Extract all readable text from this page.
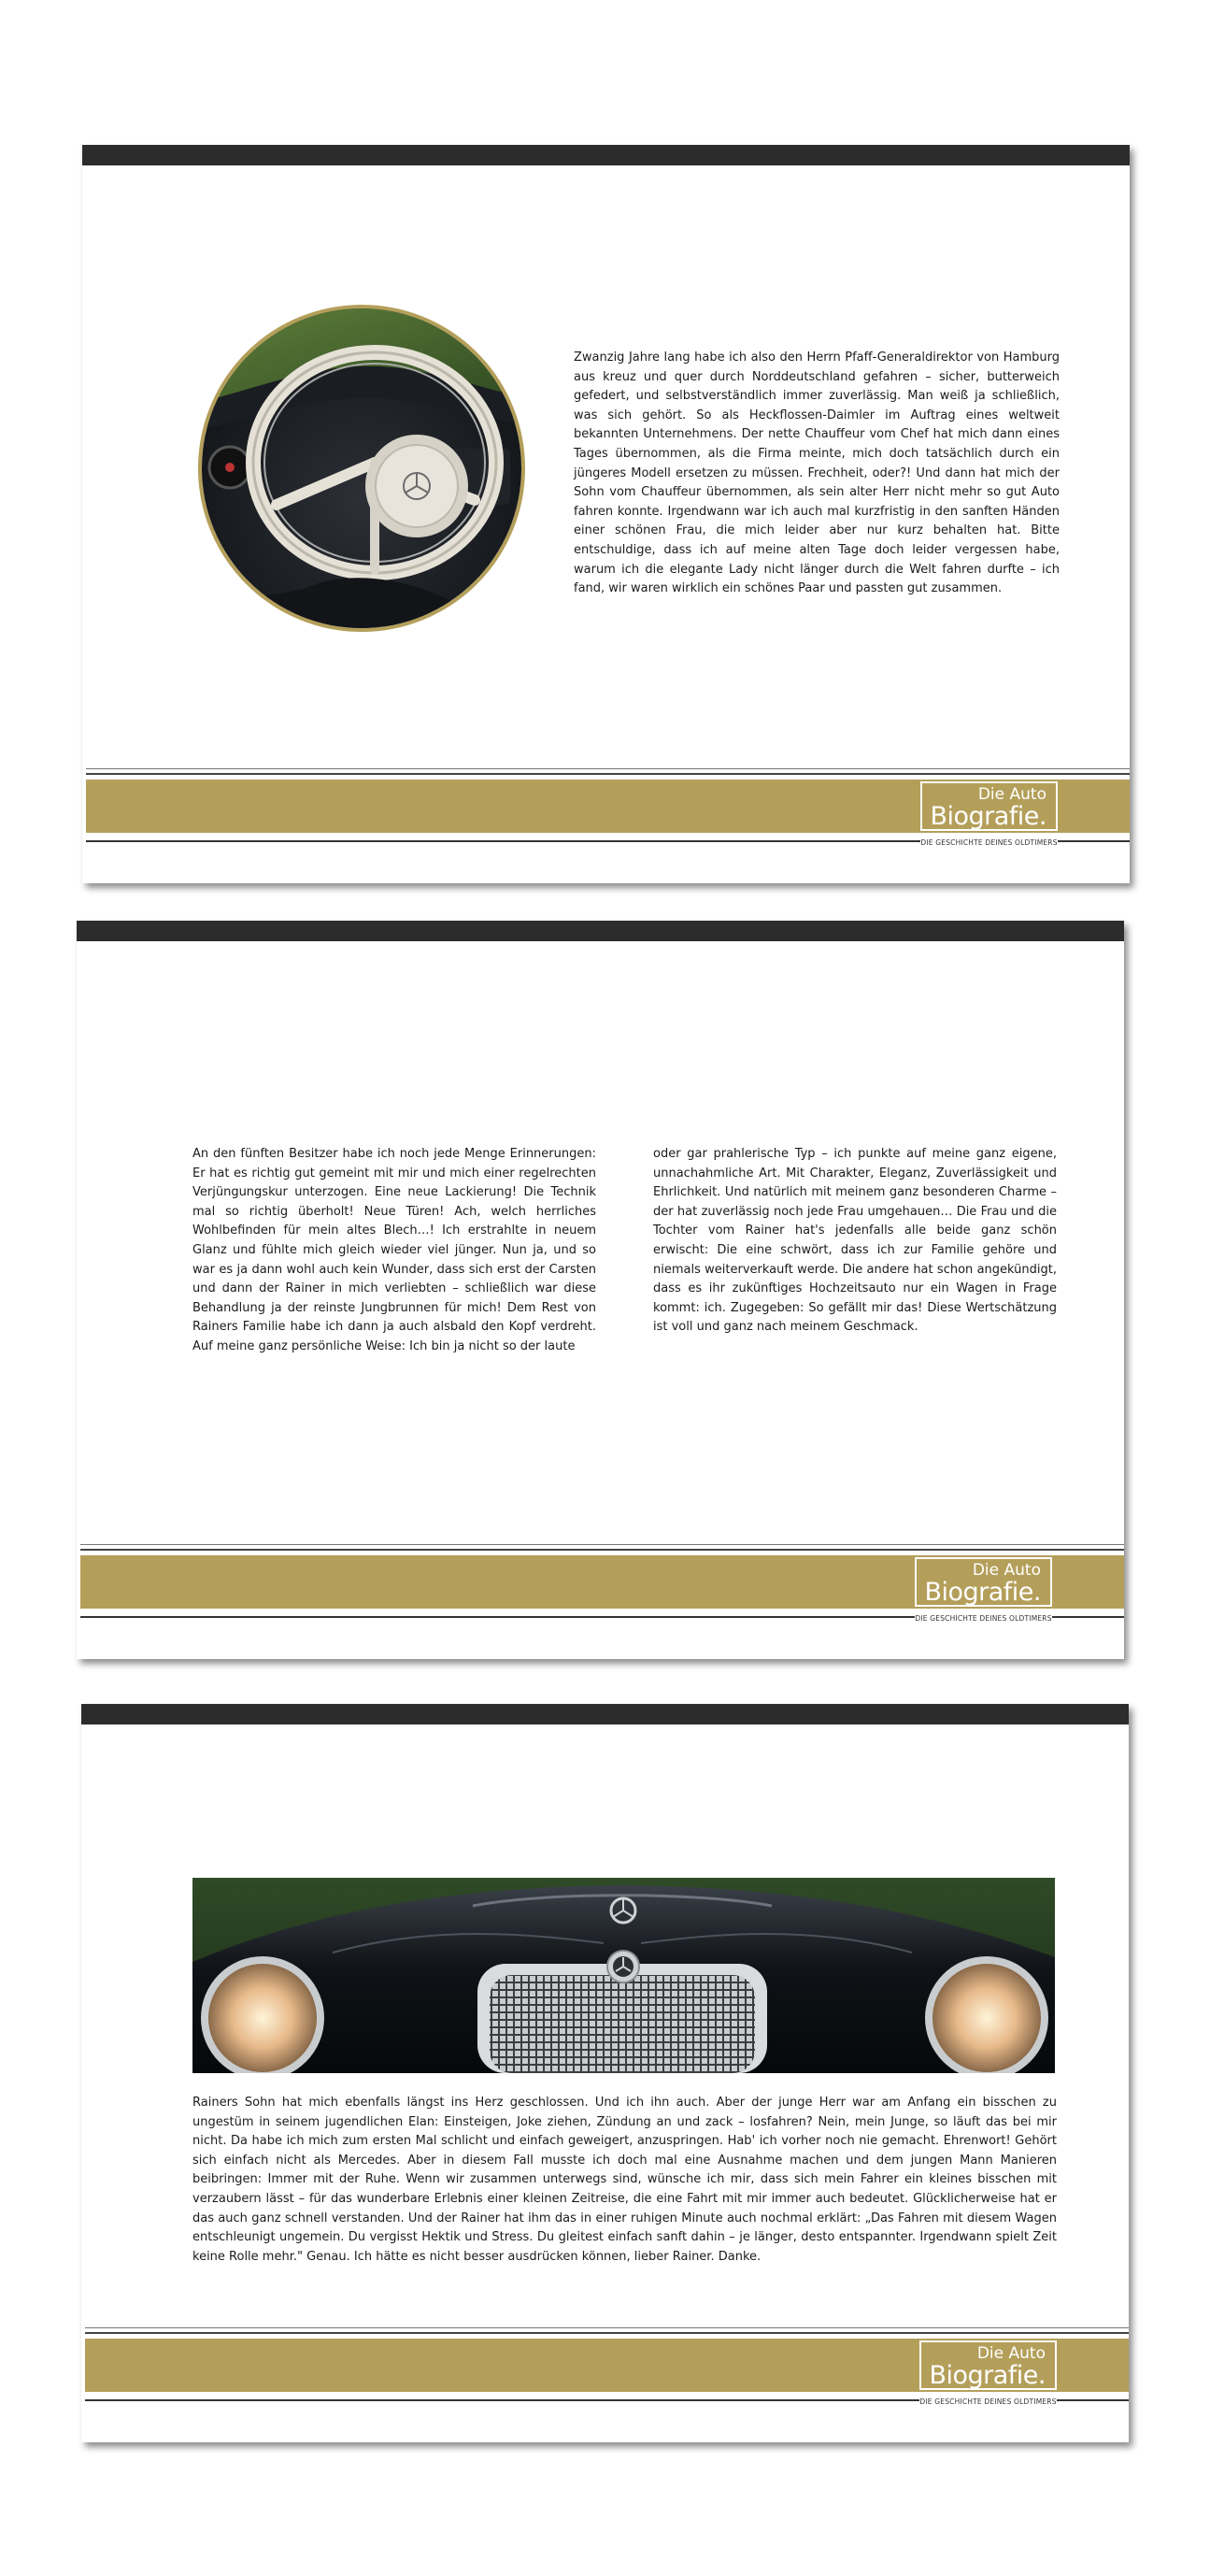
Zwanzig Jahre lang habe ich also den Herrn Pfaff-Generaldirektor von Hamburg aus kreuz und quer durch Norddeutschland gefahren – sicher, butterweich gefedert, und selbstverständlich immer zuverlässig. Man weiß ja schließlich, was sich gehört. So als Heckflossen-Daimler im Auftrag eines weltweit bekannten Unternehmens. Der nette Chauffeur vom Chef hat mich dann eines Tages übernommen, als die Firma meinte, mich doch tatsächlich durch ein jüngeres Modell ersetzen zu müssen. Frechheit, oder?! Und dann hat mich der Sohn vom Chauffeur übernommen, als sein alter Herr nicht mehr so gut Auto fahren konnte. Irgendwann war ich auch mal kurzfristig in den sanften Händen einer schönen Frau, die mich leider aber nur kurz behalten hat. Bitte entschuldige, dass ich auf meine alten Tage doch leider vergessen habe, warum ich die elegante Lady nicht länger durch die Welt fahren durfte – ich fand, wir waren wirklich ein schönes Paar und passten gut zusammen.

Die Auto
Biografie.
DIE GESCHICHTE DEINES OLDTIMERS

An den fünften Besitzer habe ich noch jede Menge Erinnerungen: Er hat es richtig gut gemeint mit mir und mich einer regelrechten Verjüngungskur unterzogen. Eine neue Lackierung! Die Technik mal so richtig überholt! Neue Türen! Ach, welch herrliches Wohlbefinden für mein altes Blech…! Ich erstrahlte in neuem Glanz und fühlte mich gleich wieder viel jünger. Nun ja, und so war es ja dann wohl auch kein Wunder, dass sich erst der Carsten und dann der Rainer in mich verliebten – schließlich war diese Behandlung ja der reinste Jungbrunnen für mich! Dem Rest von Rainers Familie habe ich dann ja auch alsbald den Kopf verdreht. Auf meine ganz persönliche Weise: Ich bin ja nicht so der laute

oder gar prahlerische Typ – ich punkte auf meine ganz eigene, unnachahmliche Art. Mit Charakter, Eleganz, Zuverlässigkeit und Ehrlichkeit. Und natürlich mit meinem ganz besonderen Charme – der hat zuverlässig noch jede Frau umgehauen… Die Frau und die Tochter vom Rainer hat's jedenfalls alle beide ganz schön erwischt: Die eine schwört, dass ich zur Familie gehöre und niemals weiterverkauft werde. Die andere hat schon angekündigt, dass es ihr zukünftiges Hochzeitsauto nur ein Wagen in Frage kommt: ich. Zugegeben: So gefällt mir das! Diese Wertschätzung ist voll und ganz nach meinem Geschmack.

Die Auto
Biografie.
DIE GESCHICHTE DEINES OLDTIMERS

Rainers Sohn hat mich ebenfalls längst ins Herz geschlossen. Und ich ihn auch. Aber der junge Herr war am Anfang ein bisschen zu ungestüm in seinem jugendlichen Elan: Einsteigen, Joke ziehen, Zündung an und zack – losfahren? Nein, mein Junge, so läuft das bei mir nicht. Da habe ich mich zum ersten Mal schlicht und einfach geweigert, anzuspringen. Hab' ich vorher noch nie gemacht. Ehrenwort! Gehört sich einfach nicht als Mercedes. Aber in diesem Fall musste ich doch mal eine Ausnahme machen und dem jungen Mann Manieren beibringen: Immer mit der Ruhe. Wenn wir zusammen unterwegs sind, wünsche ich mir, dass sich mein Fahrer ein kleines bisschen mit verzaubern lässt – für das wunderbare Erlebnis einer kleinen Zeitreise, die eine Fahrt mit mir immer auch bedeutet. Glücklicherweise hat er das auch ganz schnell verstanden. Und der Rainer hat ihm das in einer ruhigen Minute auch nochmal erklärt: „Das Fahren mit diesem Wagen entschleunigt ungemein. Du vergisst Hektik und Stress. Du gleitest einfach sanft dahin – je länger, desto entspannter. Irgendwann spielt Zeit keine Rolle mehr." Genau. Ich hätte es nicht besser ausdrücken können, lieber Rainer. Danke.

Die Auto
Biografie.
DIE GESCHICHTE DEINES OLDTIMERS
